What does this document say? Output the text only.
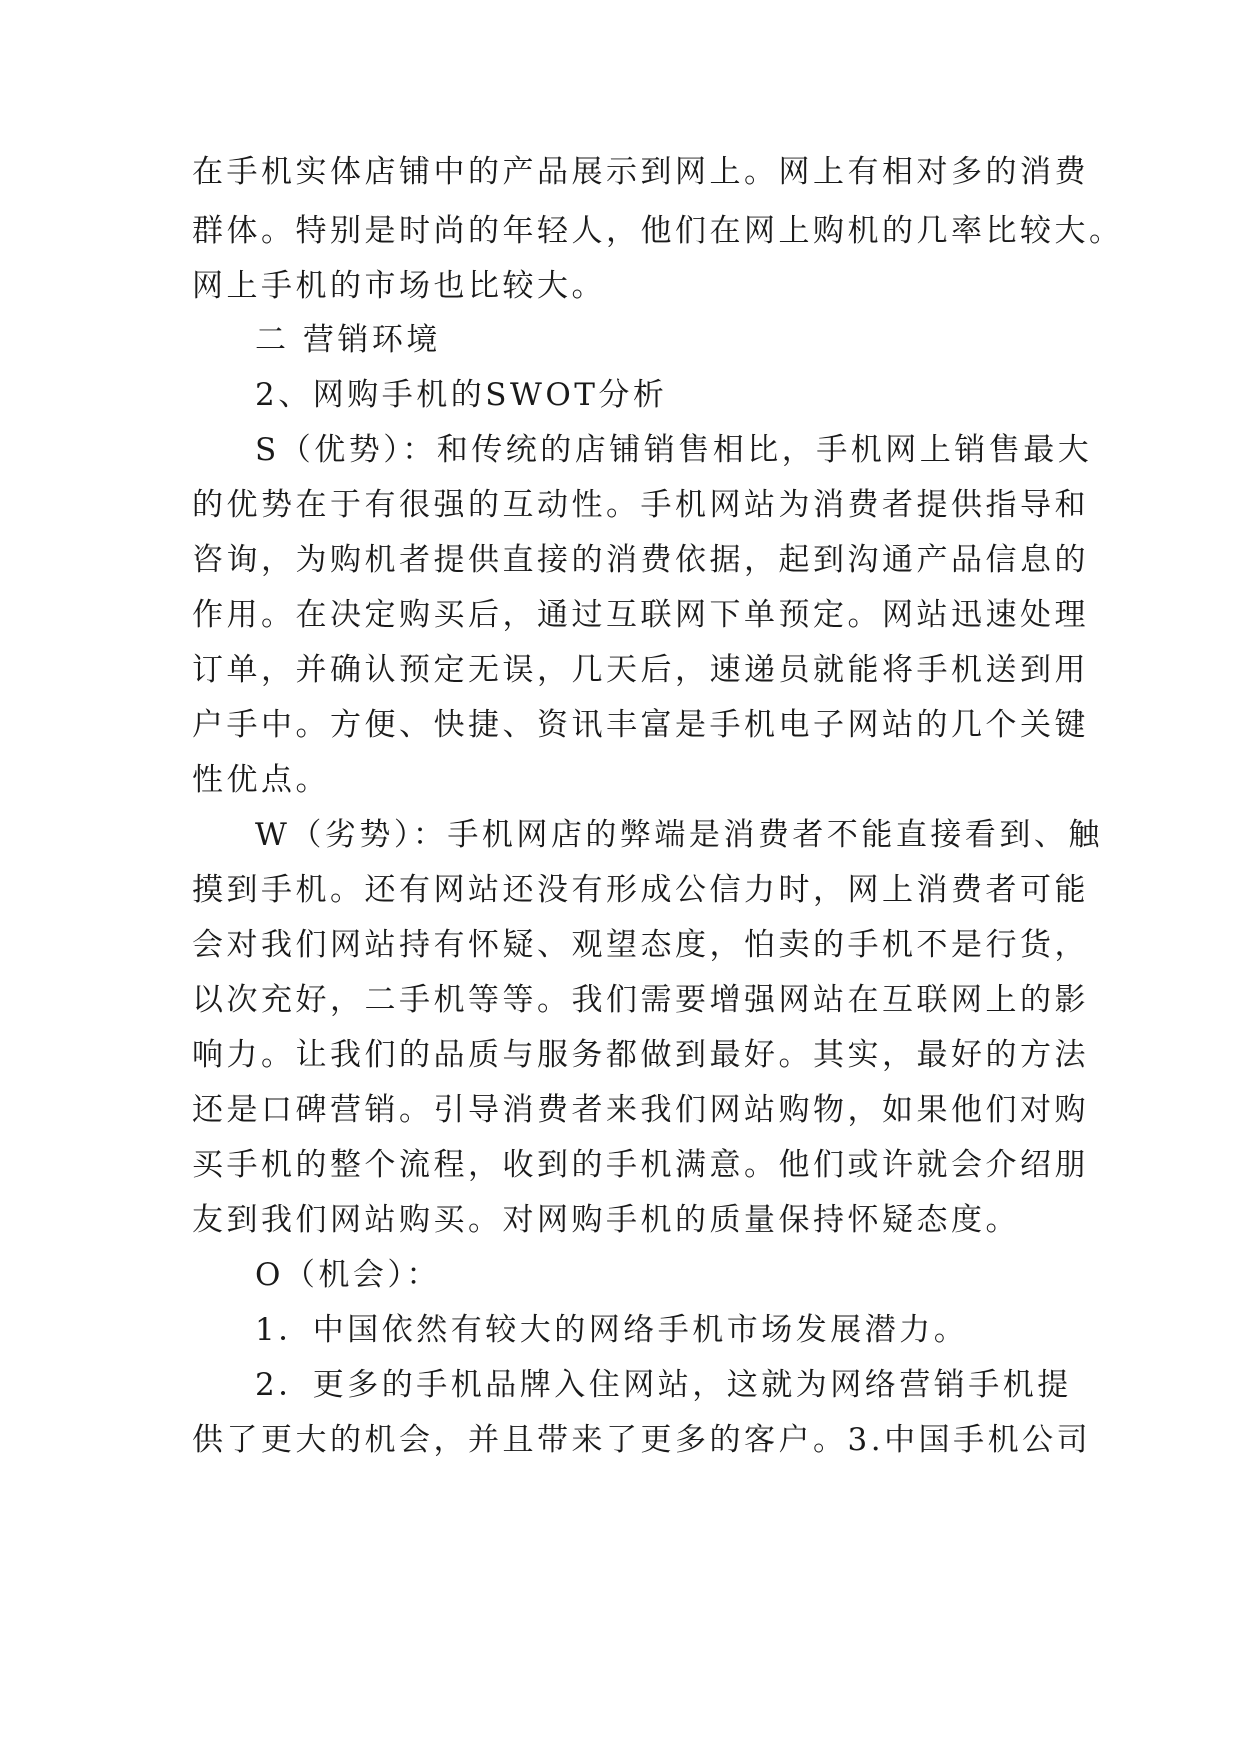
在手机实体店铺中的产品展示到网上。网上有相对多的消费
群体。特别是时尚的年轻人，他们在网上购机的几率比较大。
网上手机的市场也比较大。
二 营销环境
2、网购手机的SWOT分析
S（优势）：和传统的店铺销售相比，手机网上销售最大
的优势在于有很强的互动性。手机网站为消费者提供指导和
咨询，为购机者提供直接的消费依据，起到沟通产品信息的
作用。在决定购买后，通过互联网下单预定。网站迅速处理
订单，并确认预定无误，几天后，速递员就能将手机送到用
户手中。方便、快捷、资讯丰富是手机电子网站的几个关键
性优点。
W（劣势）：手机网店的弊端是消费者不能直接看到、触
摸到手机。还有网站还没有形成公信力时，网上消费者可能
会对我们网站持有怀疑、观望态度，怕卖的手机不是行货，
以次充好，二手机等等。我们需要增强网站在互联网上的影
响力。让我们的品质与服务都做到最好。其实，最好的方法
还是口碑营销。引导消费者来我们网站购物，如果他们对购
买手机的整个流程，收到的手机满意。他们或许就会介绍朋
友到我们网站购买。对网购手机的质量保持怀疑态度。
O（机会）：
1．中国依然有较大的网络手机市场发展潜力。
2．更多的手机品牌入住网站，这就为网络营销手机提
供了更大的机会，并且带来了更多的客户。3.中国手机公司
